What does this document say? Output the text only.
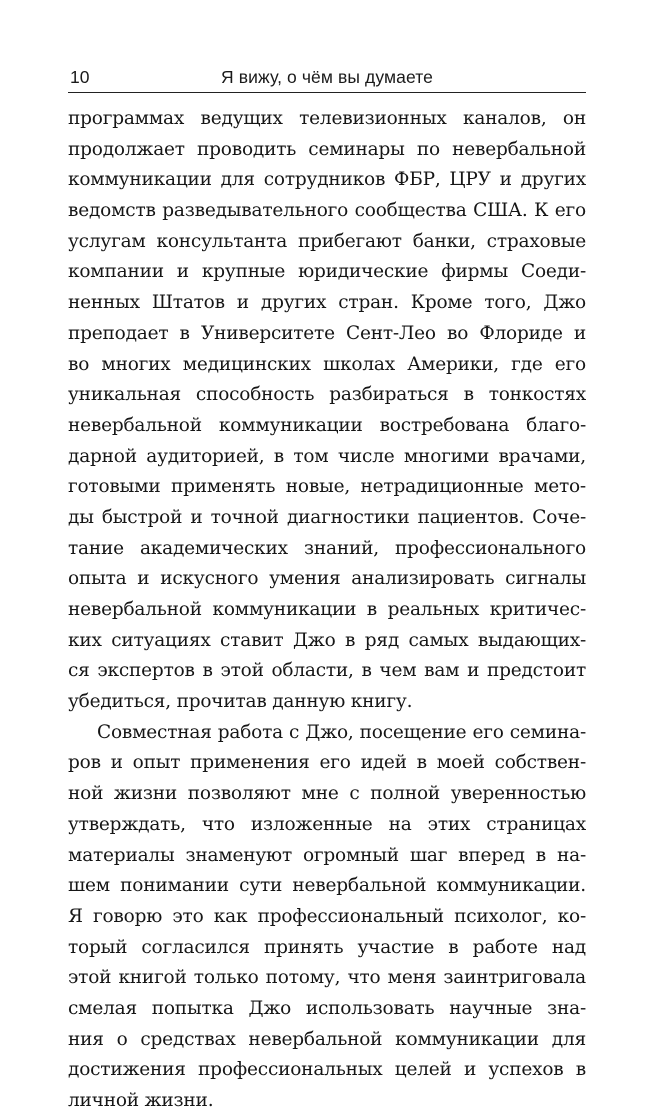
10	Я вижу, о чём вы думаете
программах ведущих телевизионных каналов, он
продолжает проводить семинары по невербальной
коммуникации для сотрудников ФБР, ЦРУ и других
ведомств разведывательного сообщества США. К его
услугам консультанта прибегают банки, страховые
компании и крупные юридические фирмы Соеди-
ненных Штатов и других стран. Кроме того, Джо
преподает в Университете Сент-Лео во Флориде и
во многих медицинских школах Америки, где его
уникальная способность разбираться в тонкостях
невербальной коммуникации востребована благо-
дарной аудиторией, в том числе многими врачами,
готовыми применять новые, нетрадиционные мето-
ды быстрой и точной диагностики пациентов. Соче-
тание академических знаний, профессионального
опыта и искусного умения анализировать сигналы
невербальной коммуникации в реальных критичес-
ких ситуациях ставит Джо в ряд самых выдающих-
ся экспертов в этой области, в чем вам и предстоит
убедиться, прочитав данную книгу.
Совместная работа с Джо, посещение его семина-
ров и опыт применения его идей в моей собствен-
ной жизни позволяют мне с полной уверенностью
утверждать, что изложенные на этих страницах
материалы знаменуют огромный шаг вперед в на-
шем понимании сути невербальной коммуникации.
Я говорю это как профессиональный психолог, ко-
торый согласился принять участие в работе над
этой книгой только потому, что меня заинтриговала
смелая попытка Джо использовать научные зна-
ния о средствах невербальной коммуникации для
достижения профессиональных целей и успехов в
личной жизни.
